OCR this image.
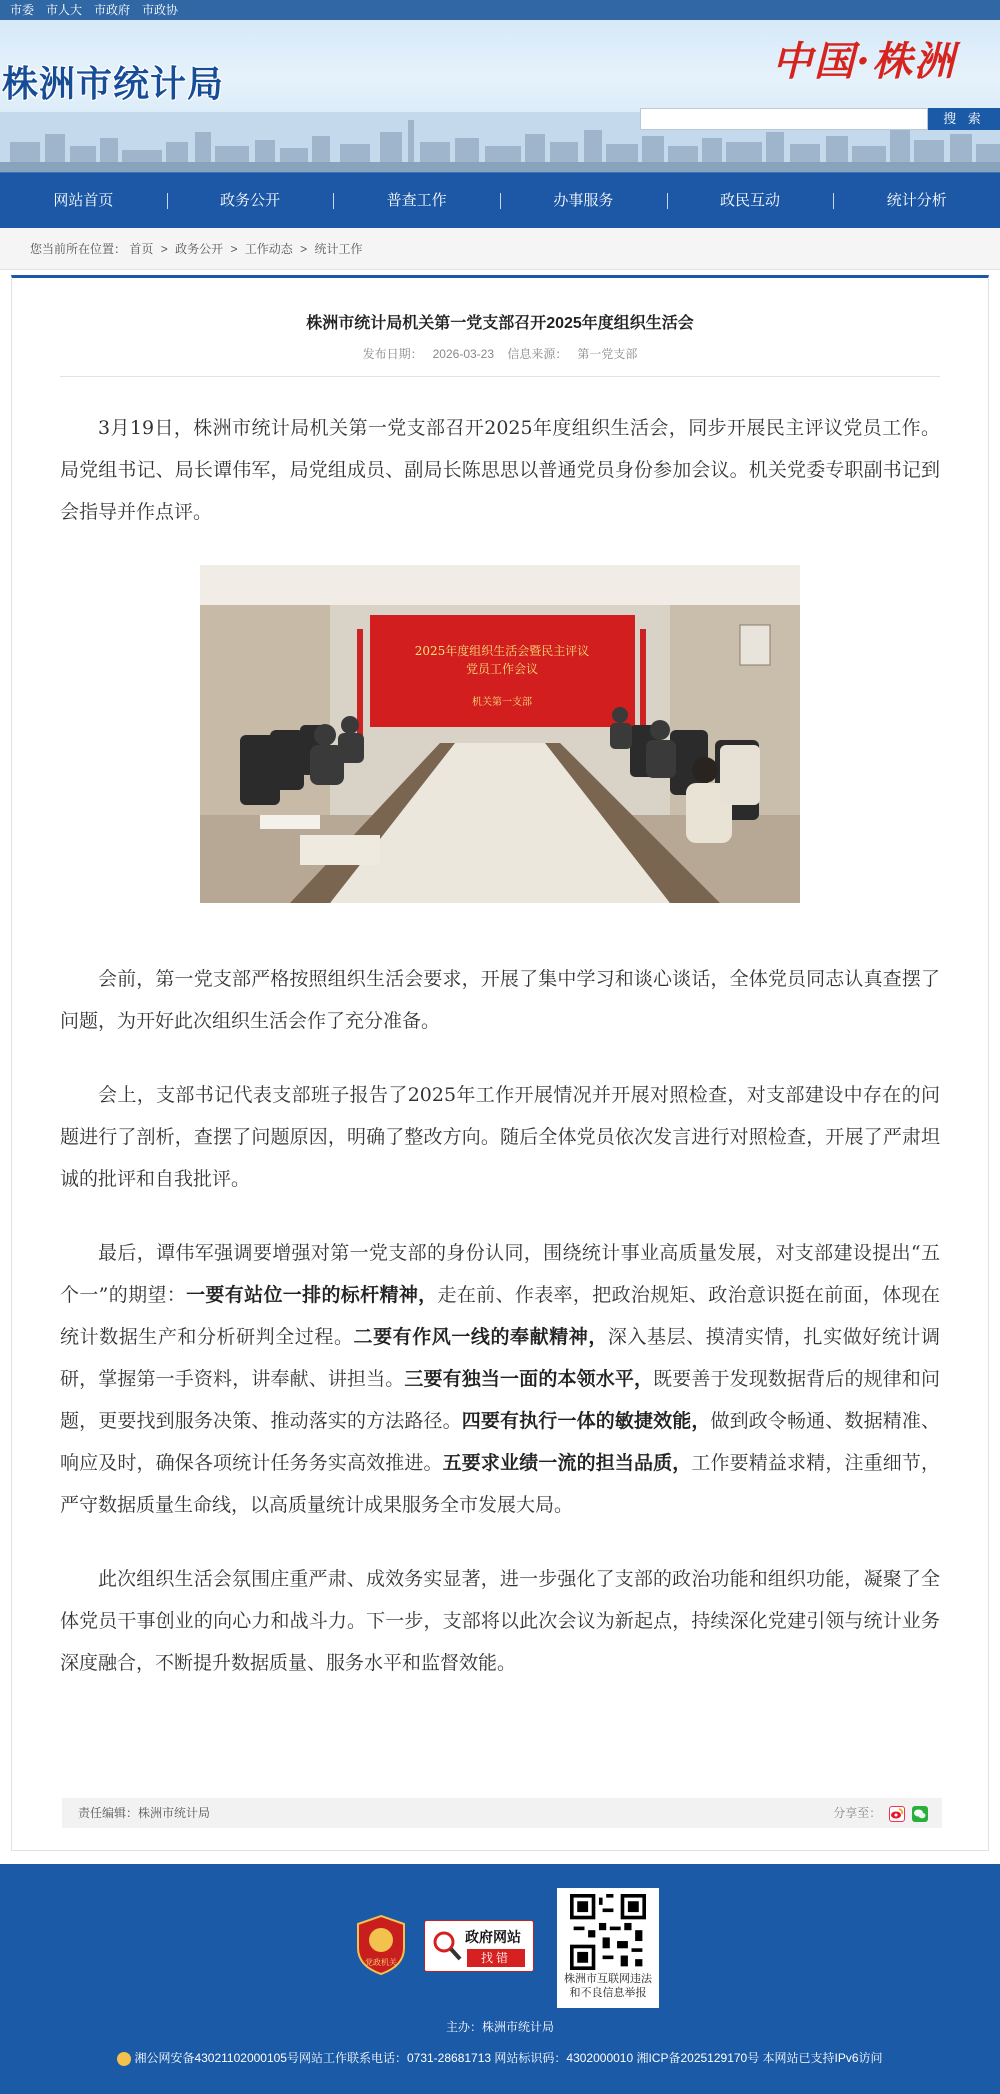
市委	市人大	市政府	市政协
株洲市统计局	中国·株洲
搜 索
网站首页	政务公开	普查工作	办事服务	政民互动	统计分析
您当前所在位置： 首页 > 政务公开 > 工作动态 > 统计工作
株洲市统计局机关第一党支部召开2025年度组织生活会
发布日期： 2026-03-23 信息来源： 第一党支部

3月19日，株洲市统计局机关第一党支部召开2025年度组织生活会，同步开展民主评议党员工作。局党组书记、局长谭伟军，局党组成员、副局长陈思思以普通党员身份参加会议。机关党委专职副书记到会指导并作点评。

2025年度组织生活会暨民主评议
党员工作会议
机关第一支部

会前，第一党支部严格按照组织生活会要求，开展了集中学习和谈心谈话，全体党员同志认真查摆了问题，为开好此次组织生活会作了充分准备。

会上，支部书记代表支部班子报告了2025年工作开展情况并开展对照检查，对支部建设中存在的问题进行了剖析，查摆了问题原因，明确了整改方向。随后全体党员依次发言进行对照检查，开展了严肃坦诚的批评和自我批评。

最后，谭伟军强调要增强对第一党支部的身份认同，围绕统计事业高质量发展，对支部建设提出“五个一”的期望：一要有站位一排的标杆精神，走在前、作表率，把政治规矩、政治意识挺在前面，体现在统计数据生产和分析研判全过程。二要有作风一线的奉献精神，深入基层、摸清实情，扎实做好统计调研，掌握第一手资料，讲奉献、讲担当。三要有独当一面的本领水平，既要善于发现数据背后的规律和问题，更要找到服务决策、推动落实的方法路径。四要有执行一体的敏捷效能，做到政令畅通、数据精准、响应及时，确保各项统计任务务实高效推进。五要求业绩一流的担当品质，工作要精益求精，注重细节，严守数据质量生命线，以高质量统计成果服务全市发展大局。

此次组织生活会氛围庄重严肃、成效务实显著，进一步强化了支部的政治功能和组织功能，凝聚了全体党员干事创业的向心力和战斗力。下一步，支部将以此次会议为新起点，持续深化党建引领与统计业务深度融合，不断提升数据质量、服务水平和监督效能。

责任编辑：株洲市统计局	分享至：

党政机关
政府网站
找错
株洲市互联网违法
和不良信息举报
主办：株洲市统计局
湘公网安备43021102000105号网站工作联系电话：0731-28681713 网站标识码：4302000010 湘ICP备2025129170号 本网站已支持IPv6访问
